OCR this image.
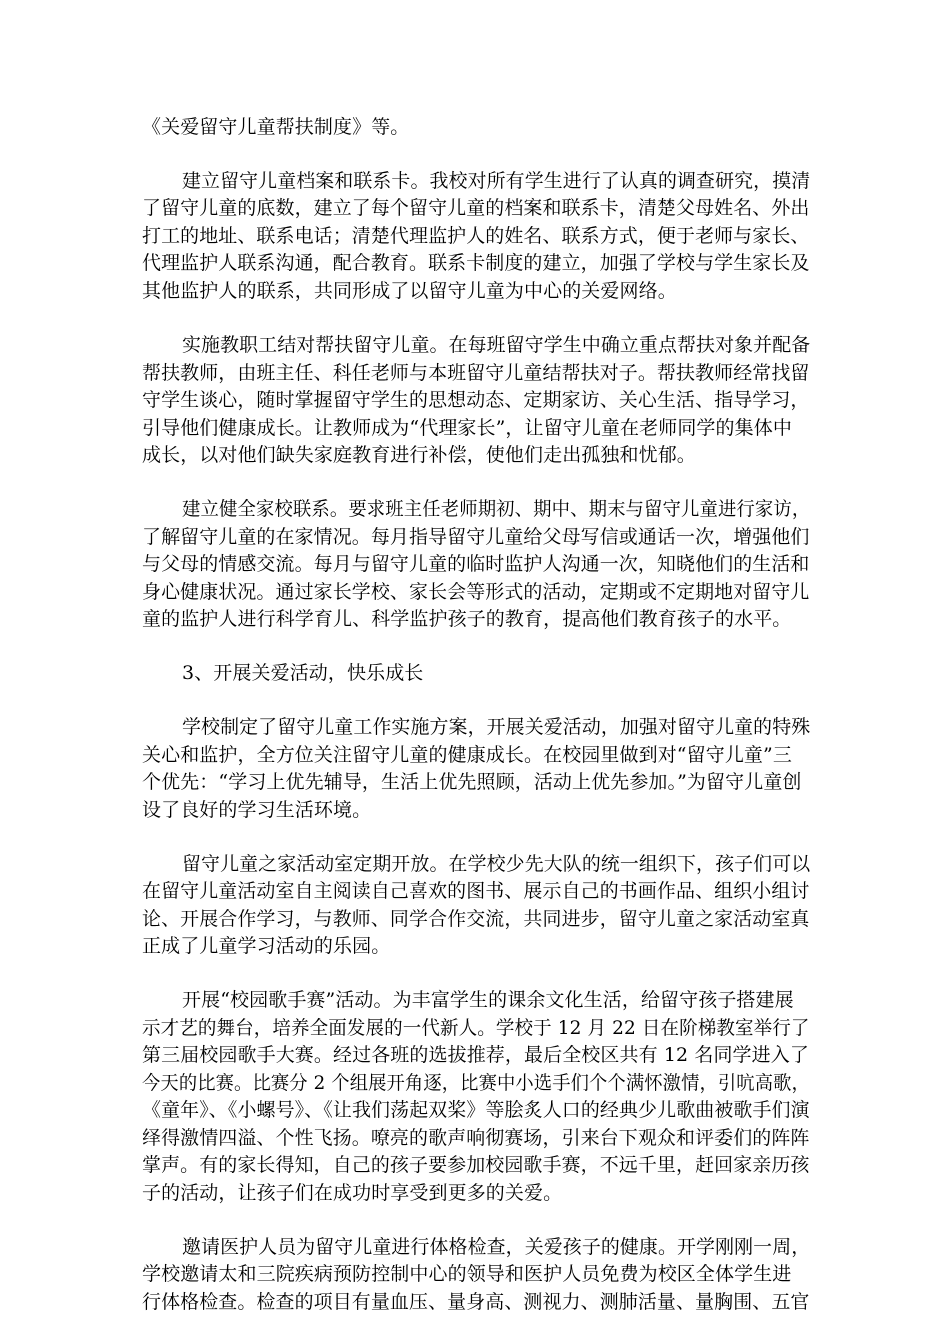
《关爱留守儿童帮扶制度》等。
建立留守儿童档案和联系卡。我校对所有学生进行了认真的调查研究，摸清
了留守儿童的底数，建立了每个留守儿童的档案和联系卡，清楚父母姓名、外出
打工的地址、联系电话；清楚代理监护人的姓名、联系方式，便于老师与家长、
代理监护人联系沟通，配合教育。联系卡制度的建立，加强了学校与学生家长及
其他监护人的联系，共同形成了以留守儿童为中心的关爱网络。
实施教职工结对帮扶留守儿童。在每班留守学生中确立重点帮扶对象并配备
帮扶教师，由班主任、科任老师与本班留守儿童结帮扶对子。帮扶教师经常找留
守学生谈心，随时掌握留守学生的思想动态、定期家访、关心生活、指导学习，
引导他们健康成长。让教师成为“代理家长”，让留守儿童在老师同学的集体中
成长，以对他们缺失家庭教育进行补偿，使他们走出孤独和忧郁。
建立健全家校联系。要求班主任老师期初、期中、期末与留守儿童进行家访，
了解留守儿童的在家情况。每月指导留守儿童给父母写信或通话一次，增强他们
与父母的情感交流。每月与留守儿童的临时监护人沟通一次，知晓他们的生活和
身心健康状况。通过家长学校、家长会等形式的活动，定期或不定期地对留守儿
童的监护人进行科学育儿、科学监护孩子的教育，提高他们教育孩子的水平。
3、开展关爱活动，快乐成长
学校制定了留守儿童工作实施方案，开展关爱活动，加强对留守儿童的特殊
关心和监护，全方位关注留守儿童的健康成长。在校园里做到对“留守儿童”三
个优先：“学习上优先辅导，生活上优先照顾，活动上优先参加。”为留守儿童创
设了良好的学习生活环境。
留守儿童之家活动室定期开放。在学校少先大队的统一组织下，孩子们可以
在留守儿童活动室自主阅读自己喜欢的图书、展示自己的书画作品、组织小组讨
论、开展合作学习，与教师、同学合作交流，共同进步，留守儿童之家活动室真
正成了儿童学习活动的乐园。
开展“校园歌手赛”活动。为丰富学生的课余文化生活，给留守孩子搭建展
示才艺的舞台，培养全面发展的一代新人。学校于 12 月 22 日在阶梯教室举行了
第三届校园歌手大赛。经过各班的选拔推荐，最后全校区共有 12 名同学进入了
今天的比赛。比赛分 2 个组展开角逐，比赛中小选手们个个满怀激情，引吭高歌，
《童年》、《小螺号》、《让我们荡起双桨》等脍炙人口的经典少儿歌曲被歌手们演
绎得激情四溢、个性飞扬。嘹亮的歌声响彻赛场，引来台下观众和评委们的阵阵
掌声。有的家长得知，自己的孩子要参加校园歌手赛，不远千里，赶回家亲历孩
子的活动，让孩子们在成功时享受到更多的关爱。
邀请医护人员为留守儿童进行体格检查，关爱孩子的健康。开学刚刚一周，
学校邀请太和三院疾病预防控制中心的领导和医护人员免费为校区全体学生进
行体格检查。检查的项目有量血压、量身高、测视力、测肺活量、量胸围、五官
